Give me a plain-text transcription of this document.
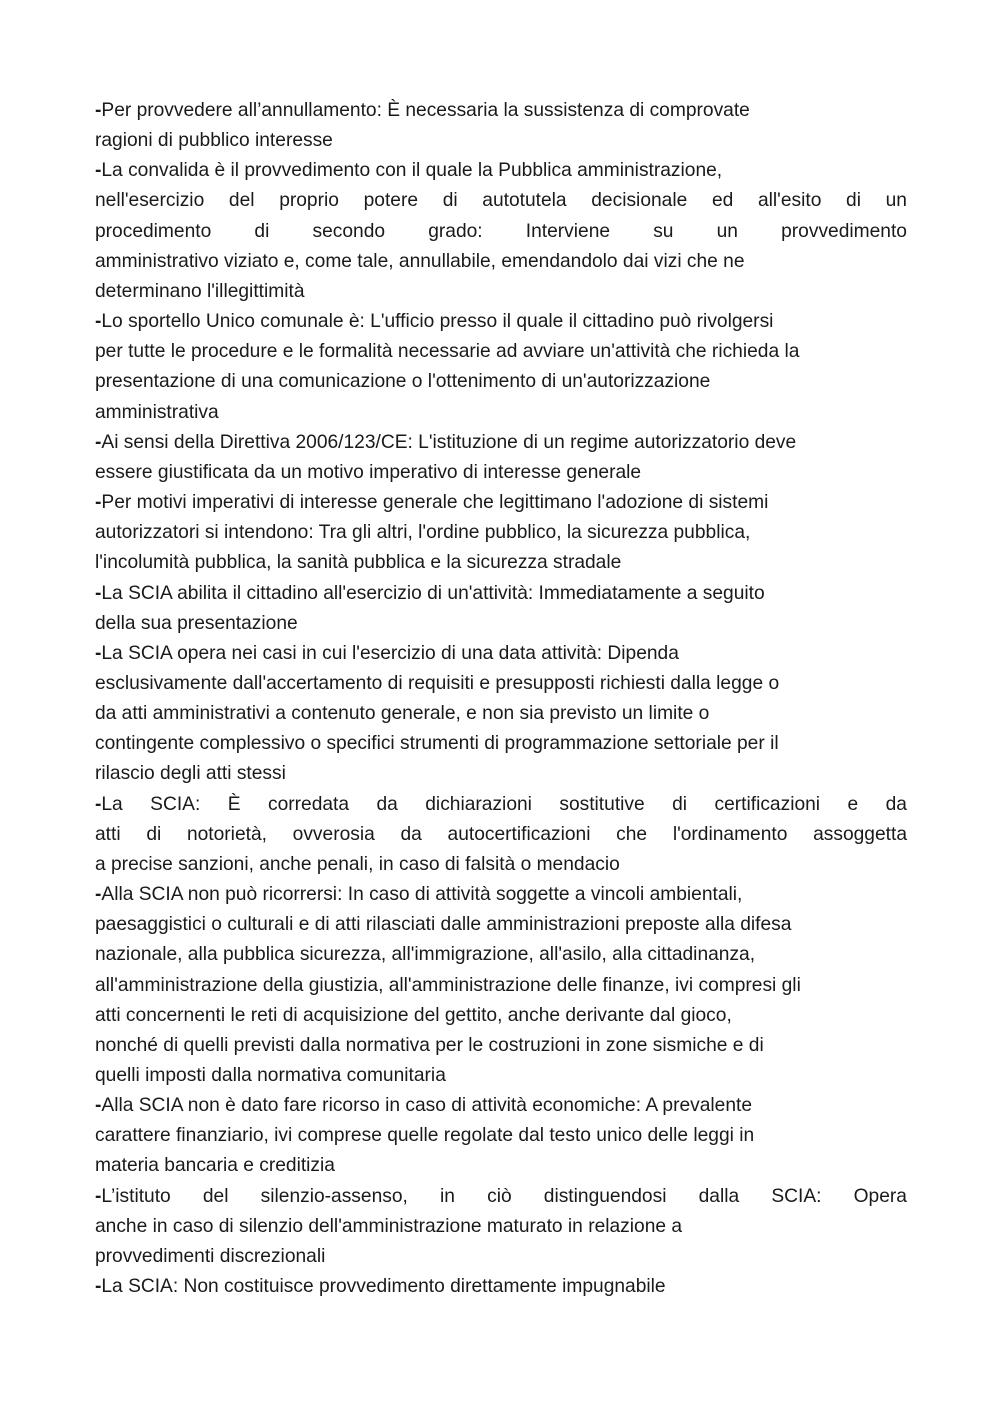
-Per provvedere all’annullamento: È necessaria la sussistenza di comprovate
ragioni di pubblico interesse
-La convalida è il provvedimento con il quale la Pubblica amministrazione,
nell'esercizio del proprio potere di autotutela decisionale ed all'esito di un
procedimento di secondo grado: Interviene su un provvedimento
amministrativo viziato e, come tale, annullabile, emendandolo dai vizi che ne
determinano l'illegittimità
-Lo sportello Unico comunale è: L'ufficio presso il quale il cittadino può rivolgersi
per tutte le procedure e le formalità necessarie ad avviare un'attività che richieda la
presentazione di una comunicazione o l'ottenimento di un'autorizzazione
amministrativa
-Ai sensi della Direttiva 2006/123/CE: L'istituzione di un regime autorizzatorio deve
essere giustificata da un motivo imperativo di interesse generale
-Per motivi imperativi di interesse generale che legittimano l'adozione di sistemi
autorizzatori si intendono: Tra gli altri, l'ordine pubblico, la sicurezza pubblica,
l'incolumità pubblica, la sanità pubblica e la sicurezza stradale
-La SCIA abilita il cittadino all'esercizio di un'attività: Immediatamente a seguito
della sua presentazione
-La SCIA opera nei casi in cui l'esercizio di una data attività: Dipenda
esclusivamente dall'accertamento di requisiti e presupposti richiesti dalla legge o
da atti amministrativi a contenuto generale, e non sia previsto un limite o
contingente complessivo o specifici strumenti di programmazione settoriale per il
rilascio degli atti stessi
-La SCIA: È corredata da dichiarazioni sostitutive di certificazioni e da
atti di notorietà, ovverosia da autocertificazioni che l'ordinamento assoggetta
a precise sanzioni, anche penali, in caso di falsità o mendacio
-Alla SCIA non può ricorrersi: In caso di attività soggette a vincoli ambientali,
paesaggistici o culturali e di atti rilasciati dalle amministrazioni preposte alla difesa
nazionale, alla pubblica sicurezza, all'immigrazione, all'asilo, alla cittadinanza,
all'amministrazione della giustizia, all'amministrazione delle finanze, ivi compresi gli
atti concernenti le reti di acquisizione del gettito, anche derivante dal gioco,
nonché di quelli previsti dalla normativa per le costruzioni in zone sismiche e di
quelli imposti dalla normativa comunitaria
-Alla SCIA non è dato fare ricorso in caso di attività economiche: A prevalente
carattere finanziario, ivi comprese quelle regolate dal testo unico delle leggi in
materia bancaria e creditizia
-L’istituto del silenzio-assenso, in ciò distinguendosi dalla SCIA: Opera
anche in caso di silenzio dell'amministrazione maturato in relazione a
provvedimenti discrezionali
-La SCIA: Non costituisce provvedimento direttamente impugnabile
